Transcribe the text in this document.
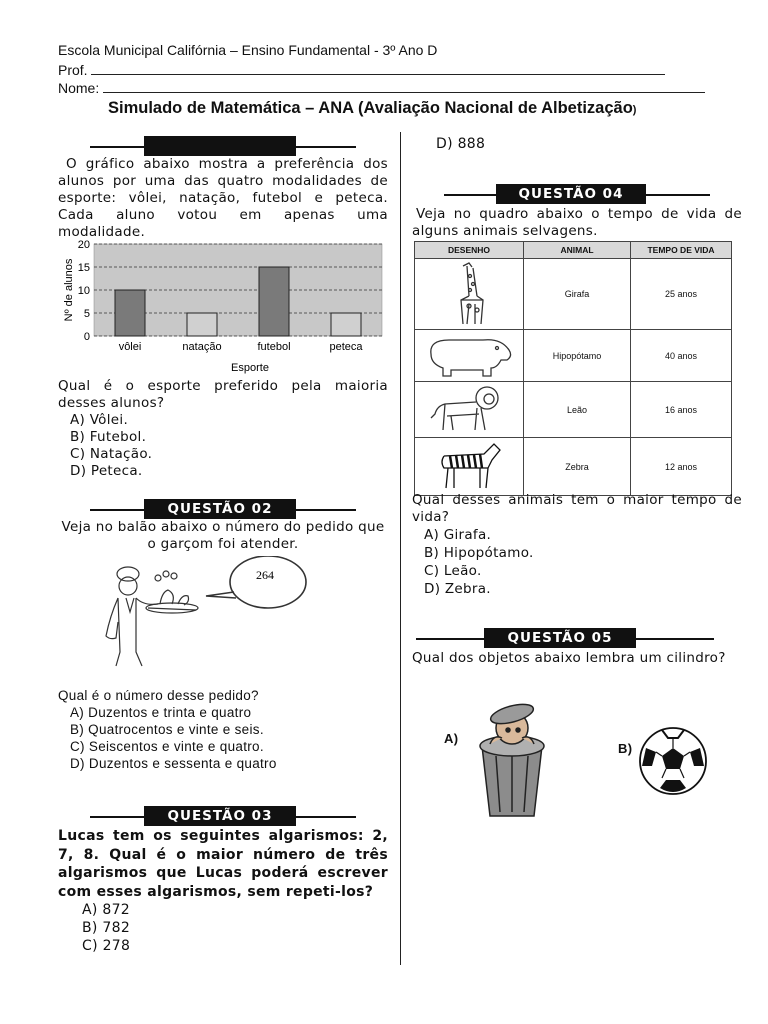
Escola Municipal Califórnia – Ensino Fundamental - 3º Ano D
Prof.
Nome:
Simulado de Matemática – ANA (Avaliação Nacional de Albetização)
O gráfico abaixo mostra a preferência dos alunos por uma das quatro modalidades de esporte: vôlei, natação, futebol e peteca. Cada aluno votou em apenas uma modalidade.
0
5
10
15
20
vôlei	natação	futebol	peteca
Nº de alunos
Esporte
Qual é o esporte preferido pela maioria desses alunos?
A) Vôlei.
B) Futebol.
C) Natação.
D) Peteca.
QUESTÃO 02
Veja no balão abaixo o número do pedido que o garçom foi atender.
264
Qual é o número desse pedido?
A) Duzentos e trinta e quatro
B) Quatrocentos e vinte e seis.
C) Seiscentos e vinte e quatro.
D) Duzentos e sessenta e quatro
QUESTÃO 03
Lucas tem os seguintes algarismos: 2, 7, 8. Qual é o maior número de três algarismos que Lucas poderá escrever com esses algarismos, sem repeti-los?
A) 872
B) 782
C) 278
D) 888
QUESTÃO 04
Veja no quadro abaixo o tempo de vida de alguns animais selvagens.
DESENHO	ANIMAL	TEMPO DE VIDA
	Girafa	25 anos
	Hipopótamo	40 anos
	Leão	16 anos
	Zebra	12 anos
Qual desses animais tem o maior tempo de vida?
A) Girafa.
B) Hipopótamo.
C) Leão.
D) Zebra.
QUESTÃO 05
Qual dos objetos abaixo lembra um cilindro?
A)
B)
